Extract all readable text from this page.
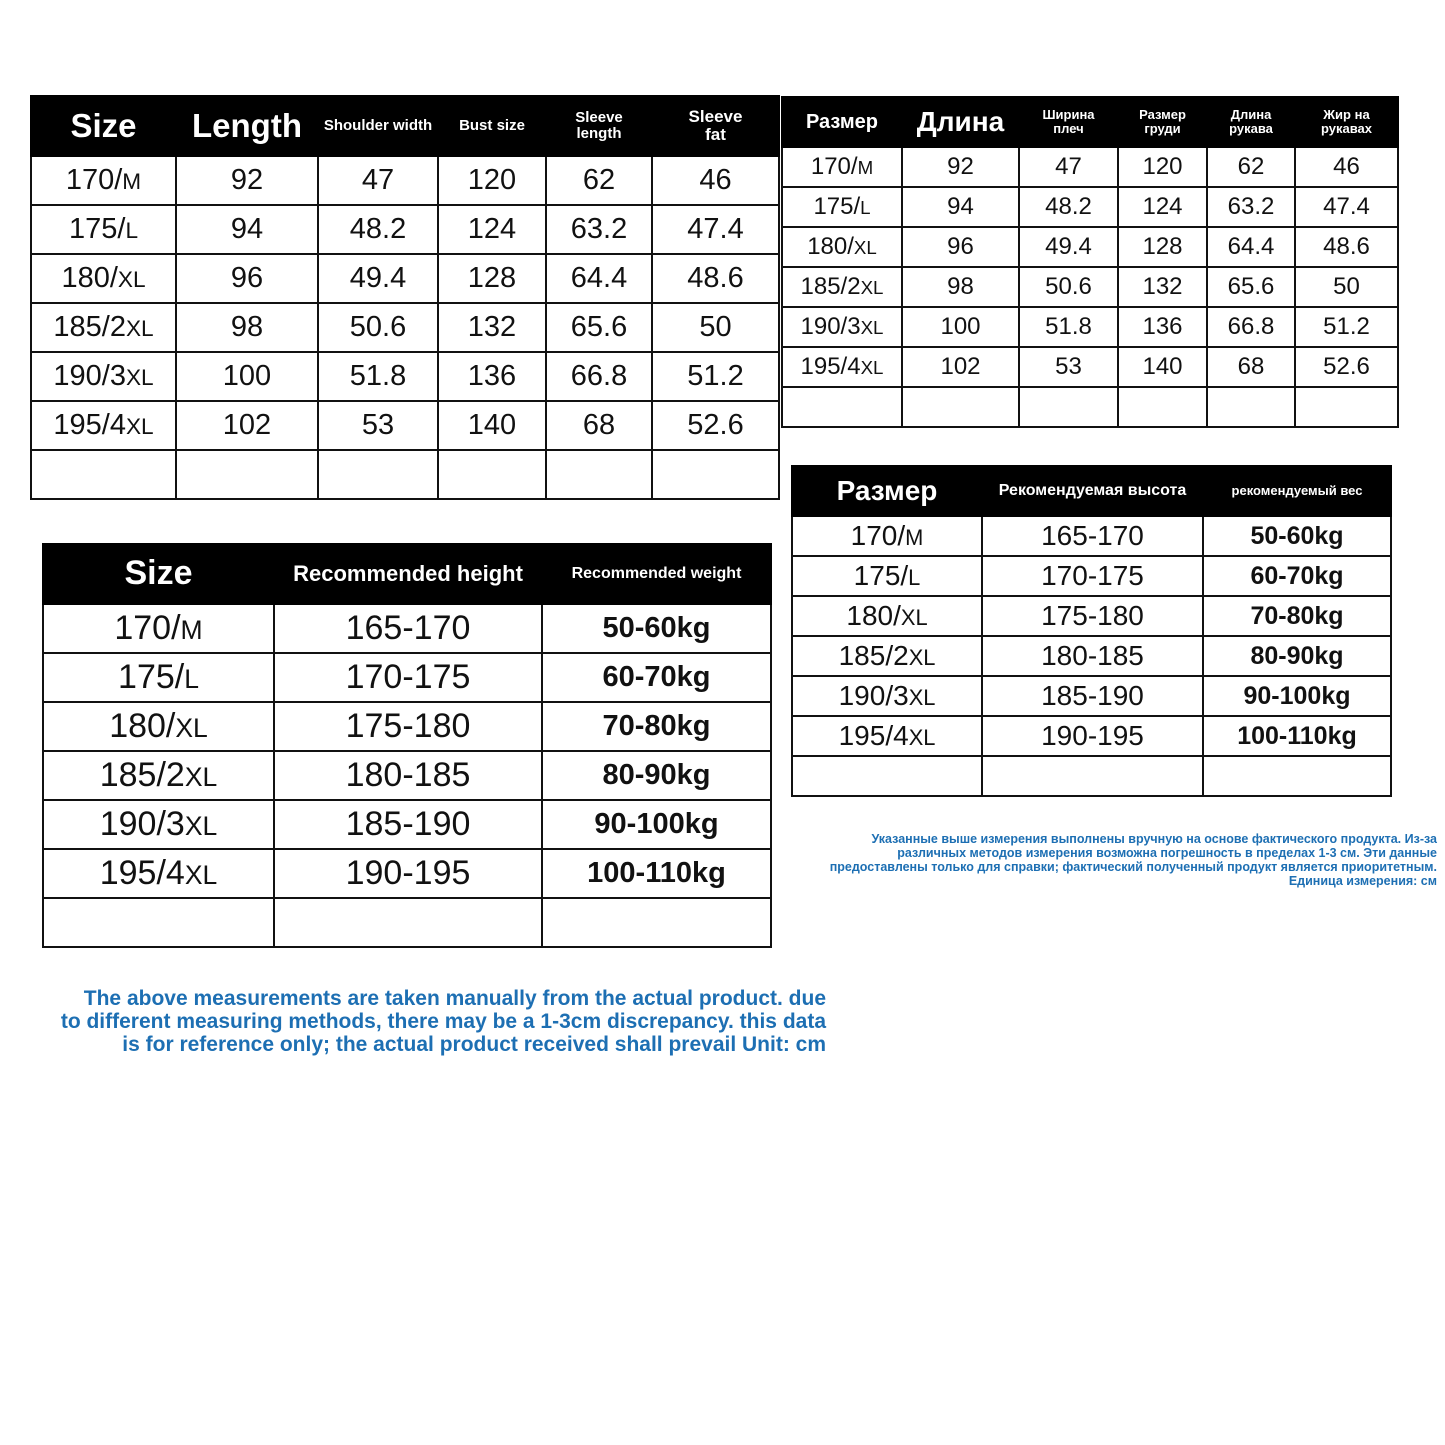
Size	Length	Shoulder width	Bust size	Sleeve length	Sleeve fat
170/M	92	47	120	62	46
175/L	94	48.2	124	63.2	47.4
180/XL	96	49.4	128	64.4	48.6
185/2XL	98	50.6	132	65.6	50
190/3XL	100	51.8	136	66.8	51.2
195/4XL	102	53	140	68	52.6

Размер	Длина	Ширина плеч	Размер груди	Длина рукава	Жир на рукавах
170/M	92	47	120	62	46
175/L	94	48.2	124	63.2	47.4
180/XL	96	49.4	128	64.4	48.6
185/2XL	98	50.6	132	65.6	50
190/3XL	100	51.8	136	66.8	51.2
195/4XL	102	53	140	68	52.6

Size	Recommended height	Recommended weight
170/M	165-170	50-60kg
175/L	170-175	60-70kg
180/XL	175-180	70-80kg
185/2XL	180-185	80-90kg
190/3XL	185-190	90-100kg
195/4XL	190-195	100-110kg

Размер	Рекомендуемая высота	рекомендуемый вес
170/M	165-170	50-60kg
175/L	170-175	60-70kg
180/XL	175-180	70-80kg
185/2XL	180-185	80-90kg
190/3XL	185-190	90-100kg
195/4XL	190-195	100-110kg

Указанные выше измерения выполнены вручную на основе фактического продукта. Из-за
различных методов измерения возможна погрешность в пределах 1-3 см. Эти данные
предоставлены только для справки; фактический полученный продукт является приоритетным.
Единица измерения: см
The above measurements are taken manually from the actual product. due
to different measuring methods, there may be a 1-3cm discrepancy. this data
is for reference only; the actual product received shall prevail Unit: cm
